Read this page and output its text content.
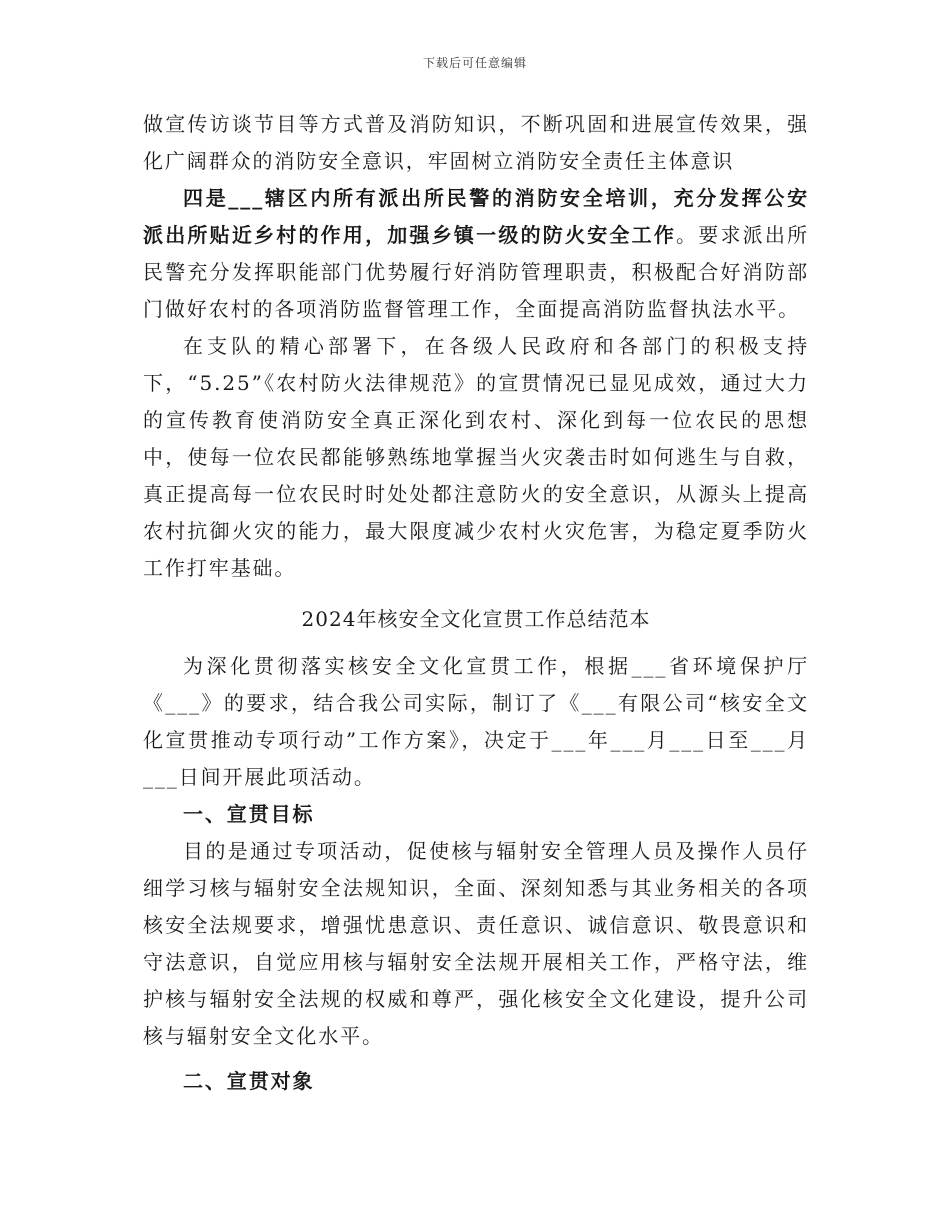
下载后可任意编辑

做宣传访谈节目等方式普及消防知识，不断巩固和进展宣传效果，强化广阔群众的消防安全意识，牢固树立消防安全责任主体意识

四是___辖区内所有派出所民警的消防安全培训，充分发挥公安派出所贴近乡村的作用，加强乡镇一级的防火安全工作。要求派出所民警充分发挥职能部门优势履行好消防管理职责，积极配合好消防部门做好农村的各项消防监督管理工作，全面提高消防监督执法水平。

在支队的精心部署下，在各级人民政府和各部门的积极支持下，“5.25”《农村防火法律规范》的宣贯情况已显见成效，通过大力的宣传教育使消防安全真正深化到农村、深化到每一位农民的思想中，使每一位农民都能够熟练地掌握当火灾袭击时如何逃生与自救，真正提高每一位农民时时处处都注意防火的安全意识，从源头上提高农村抗御火灾的能力，最大限度减少农村火灾危害，为稳定夏季防火工作打牢基础。

2024年核安全文化宣贯工作总结范本

为深化贯彻落实核安全文化宣贯工作，根据___省环境保护厅《___》的要求，结合我公司实际，制订了《___有限公司“核安全文化宣贯推动专项行动”工作方案》，决定于___年___月___日至___月___日间开展此项活动。

一、宣贯目标

目的是通过专项活动，促使核与辐射安全管理人员及操作人员仔细学习核与辐射安全法规知识，全面、深刻知悉与其业务相关的各项核安全法规要求，增强忧患意识、责任意识、诚信意识、敬畏意识和守法意识，自觉应用核与辐射安全法规开展相关工作，严格守法，维护核与辐射安全法规的权威和尊严，强化核安全文化建设，提升公司核与辐射安全文化水平。

二、宣贯对象
